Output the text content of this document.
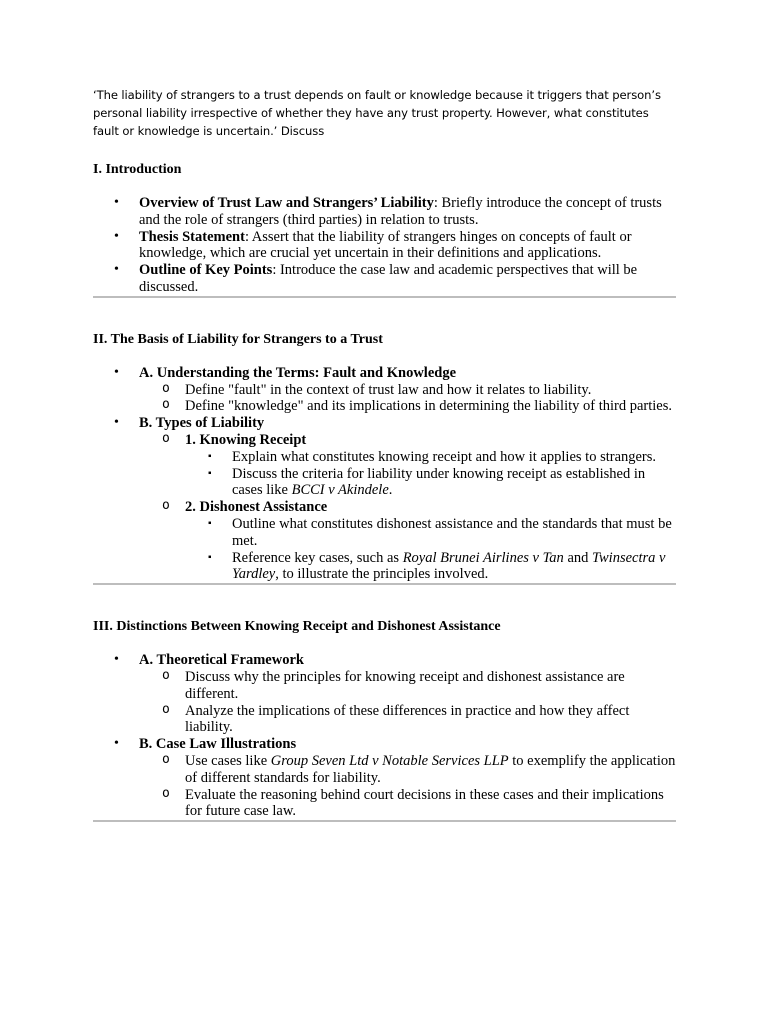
‘The liability of strangers to a trust depends on fault or knowledge because it triggers that person’s personal liability irrespective of whether they have any trust property. However, what constitutes fault or knowledge is uncertain.’ Discuss

I. Introduction
• Overview of Trust Law and Strangers’ Liability: Briefly introduce the concept of trusts and the role of strangers (third parties) in relation to trusts.
• Thesis Statement: Assert that the liability of strangers hinges on concepts of fault or knowledge, which are crucial yet uncertain in their definitions and applications.
• Outline of Key Points: Introduce the case law and academic perspectives that will be discussed.
II. The Basis of Liability for Strangers to a Trust
• A. Understanding the Terms: Fault and Knowledge
o Define "fault" in the context of trust law and how it relates to liability.
o Define "knowledge" and its implications in determining the liability of third parties.
• B. Types of Liability
o 1. Knowing Receipt
▪ Explain what constitutes knowing receipt and how it applies to strangers.
▪ Discuss the criteria for liability under knowing receipt as established in cases like BCCI v Akindele.
o 2. Dishonest Assistance
▪ Outline what constitutes dishonest assistance and the standards that must be met.
▪ Reference key cases, such as Royal Brunei Airlines v Tan and Twinsectra v Yardley, to illustrate the principles involved.
III. Distinctions Between Knowing Receipt and Dishonest Assistance
• A. Theoretical Framework
o Discuss why the principles for knowing receipt and dishonest assistance are different.
o Analyze the implications of these differences in practice and how they affect liability.
• B. Case Law Illustrations
o Use cases like Group Seven Ltd v Notable Services LLP to exemplify the application of different standards for liability.
o Evaluate the reasoning behind court decisions in these cases and their implications for future case law.
